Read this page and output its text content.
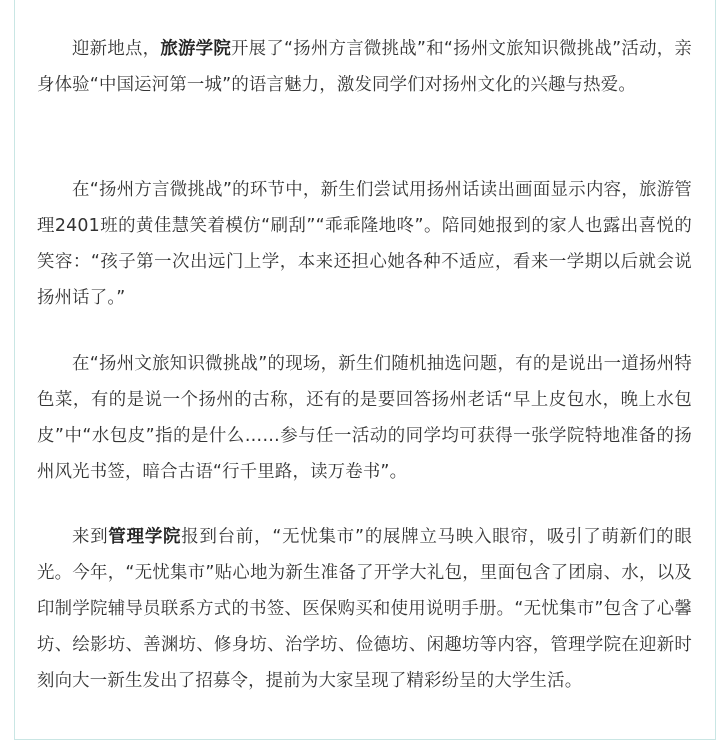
迎新地点，旅游学院开展了“扬州方言微挑战”和“扬州文旅知识微挑战”活动，亲身体验“中国运河第一城”的语言魅力，激发同学们对扬州文化的兴趣与热爱。

在“扬州方言微挑战”的环节中，新生们尝试用扬州话读出画面显示内容，旅游管理2401班的黄佳慧笑着模仿“刷刮”“乖乖隆地咚”。陪同她报到的家人也露出喜悦的笑容：“孩子第一次出远门上学，本来还担心她各种不适应，看来一学期以后就会说扬州话了。”

在“扬州文旅知识微挑战”的现场，新生们随机抽选问题，有的是说出一道扬州特色菜，有的是说一个扬州的古称，还有的是要回答扬州老话“早上皮包水，晚上水包皮”中“水包皮”指的是什么……参与任一活动的同学均可获得一张学院特地准备的扬州风光书签，暗合古语“行千里路，读万卷书”。

来到管理学院报到台前，“无忧集市”的展牌立马映入眼帘，吸引了萌新们的眼光。今年，“无忧集市”贴心地为新生准备了开学大礼包，里面包含了团扇、水，以及印制学院辅导员联系方式的书签、医保购买和使用说明手册。“无忧集市”包含了心馨坊、绘影坊、善渊坊、修身坊、治学坊、俭德坊、闲趣坊等内容，管理学院在迎新时刻向大一新生发出了招募令，提前为大家呈现了精彩纷呈的大学生活。
